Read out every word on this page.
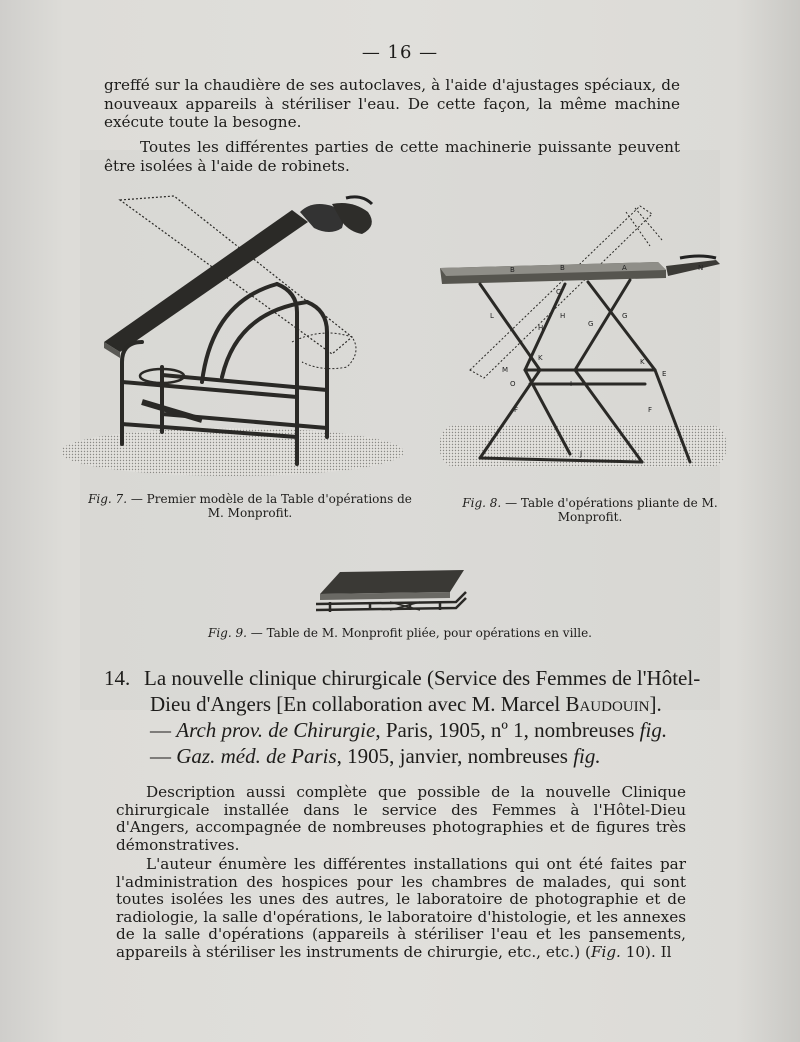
— 16 —

greffé sur la chaudière de ses autoclaves, à l'aide d'ajustages spéciaux, de nouveaux appareils à stériliser l'eau. De cette façon, la même machine exécute toute la besogne.

Toutes les différentes parties de cette machinerie puissante peuvent être isolées à l'aide de robinets.

B	B	A	N
C
L
H
H
G
G
M
K	K
O	I
F	F
E
J
Fig. 7. — Premier modèle de la Table d'opérations de M. Monprofit.
Fig. 8. — Table d'opérations pliante de M. Monprofit.
Fig. 9. — Table de M. Monprofit pliée, pour opérations en ville.
14. La nouvelle clinique chirurgicale (Service des Femmes de l'Hôtel-
Dieu d'Angers [En collaboration avec M. Marcel Baudouin].
— Arch prov. de Chirurgie, Paris, 1905, nº 1, nombreuses fig.
— Gaz. méd. de Paris, 1905, janvier, nombreuses fig.

Description aussi complète que possible de la nouvelle Clinique chirurgicale installée dans le service des Femmes à l'Hôtel-Dieu d'Angers, accompagnée de nombreuses photographies et de figures très démonstratives.

L'auteur énumère les différentes installations qui ont été faites par l'administration des hospices pour les chambres de malades, qui sont toutes isolées les unes des autres, le laboratoire de photographie et de radiologie, la salle d'opérations, le laboratoire d'histologie, et les annexes de la salle d'opérations (appareils à stériliser l'eau et les pansements, appareils à stériliser les instruments de chirurgie, etc., etc.) (Fig. 10). Il
